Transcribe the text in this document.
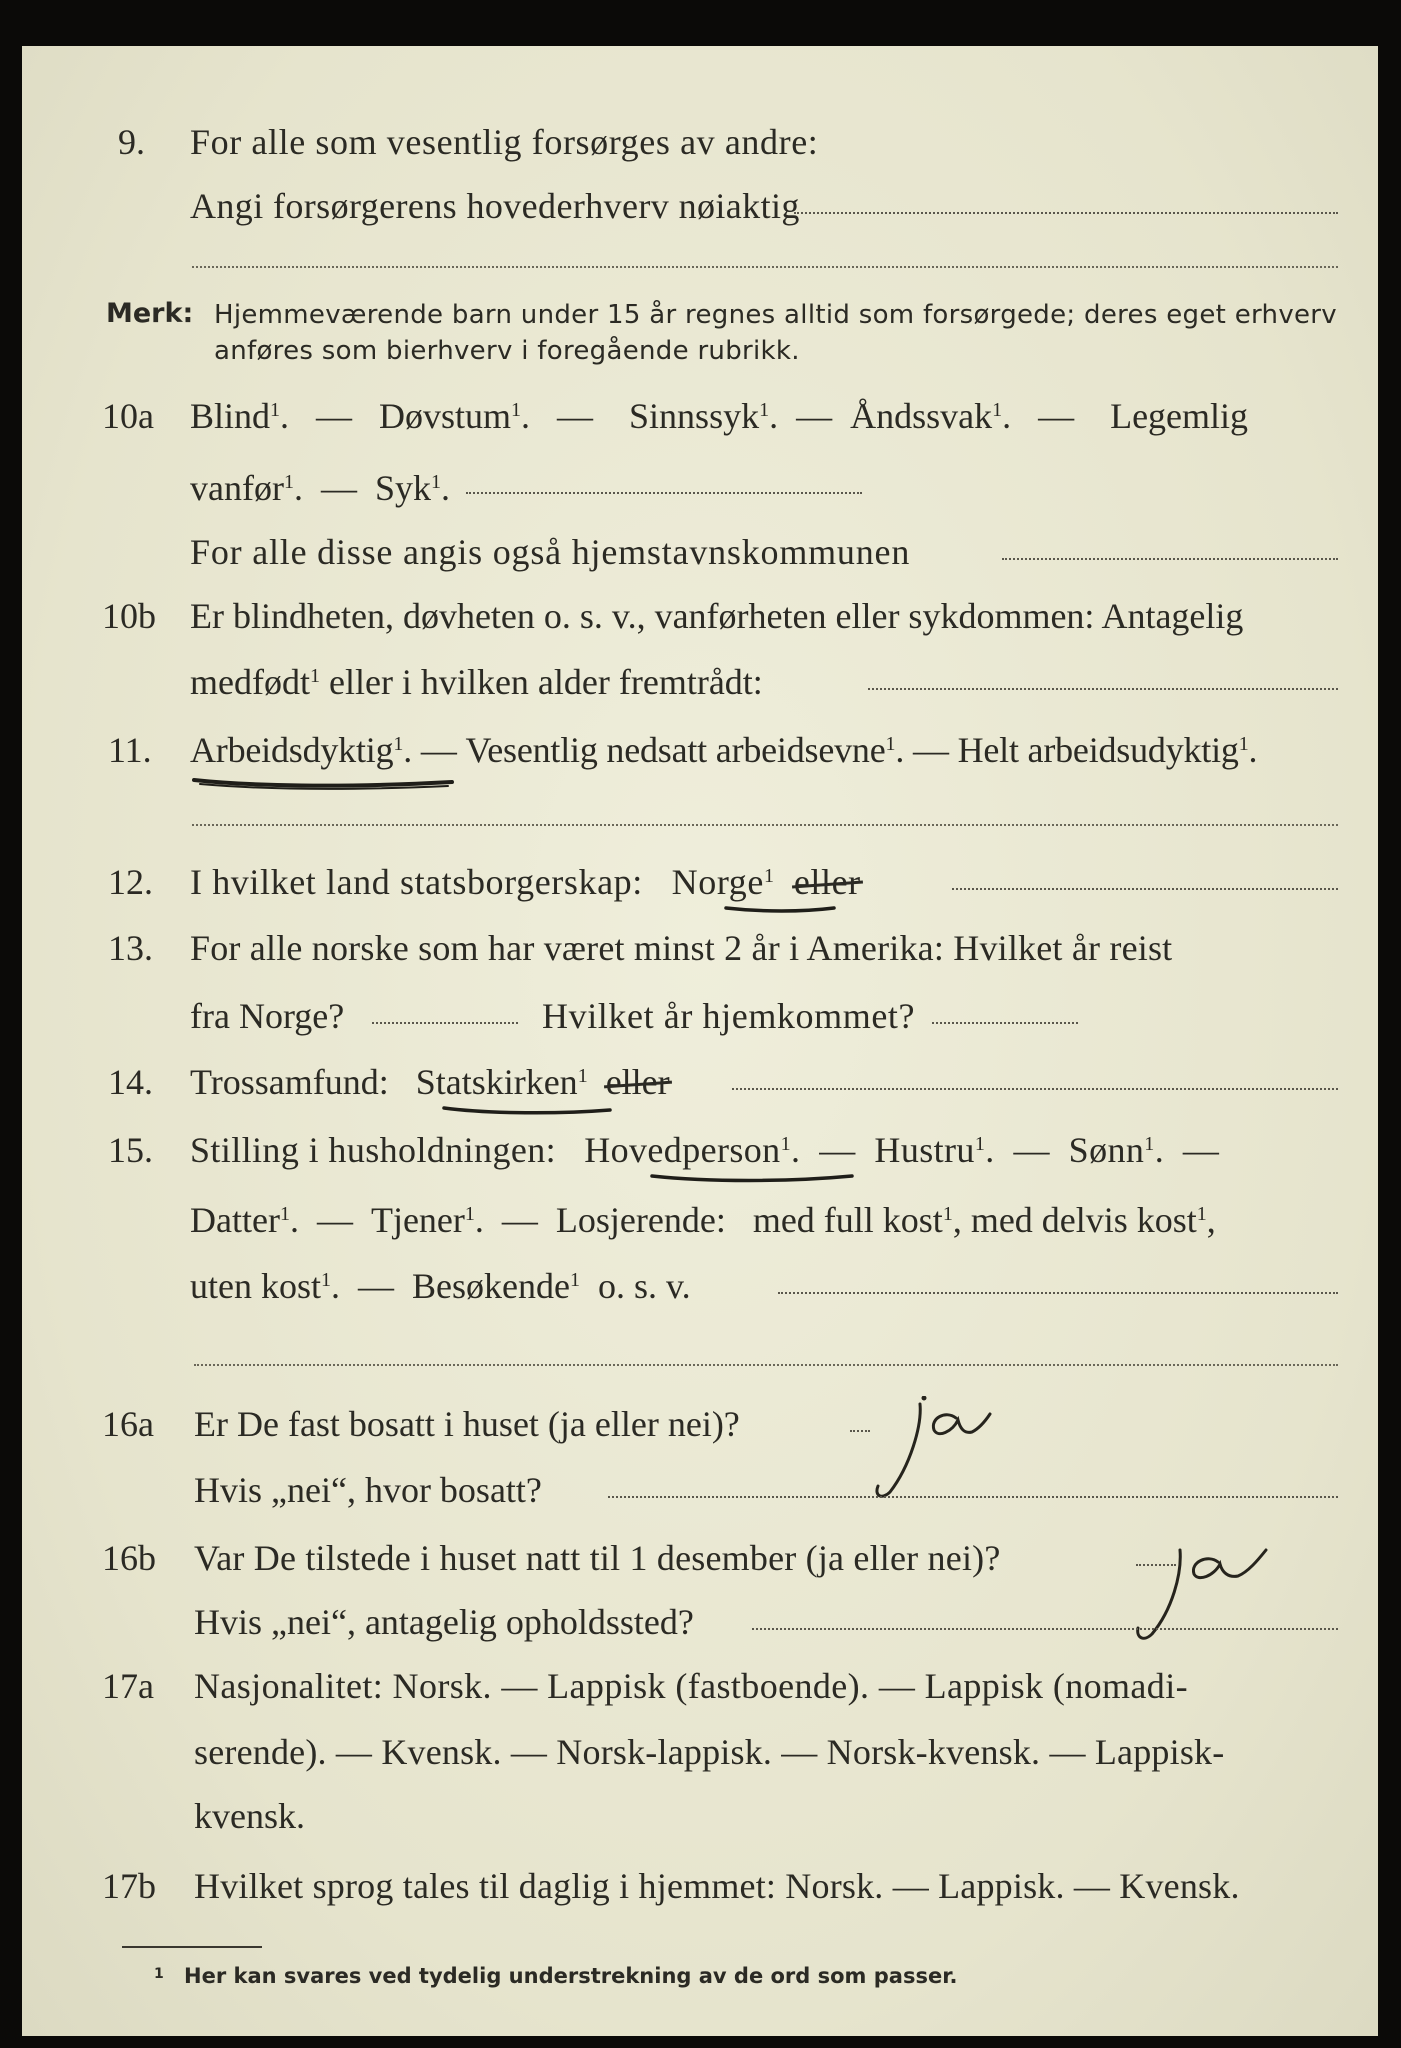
9. For alle som vesentlig forsørges av andre:
Angi forsørgerens hovederhverv nøiaktig
Merk: Hjemmeværende barn under 15 år regnes alltid som forsørgede; deres eget erhverv
anføres som bierhverv i foregående rubrikk.
10a Blind$^1$.   — Døvstum$^1$.   — Sinnssyk$^1$.  — Åndssvak$^1$.   — Legemlig
vanfør$^1$.  — Syk$^1$.
For alle disse angis også hjemstavnskommunen
10b Er blindheten, døvheten o. s. v., vanførheten eller sykdommen: Antagelig
medfødt$^1$ eller i hvilken alder fremtrådt:
11. Arbeidsdyktig$^1$. — Vesentlig nedsatt arbeidsevne$^1$. — Helt arbeidsudyktig$^1$.
12. I hvilket land statsborgerskap: Norge$^1$ eller
13. For alle norske som har været minst 2 år i Amerika: Hvilket år reist
fra Norge?	Hvilket år hjemkommet?
14. Trossamfund: Statskirken$^1$ eller
15. Stilling i husholdningen: Hovedperson$^1$.  — Hustru$^1$.  — Sønn$^1$.  —
Datter$^1$.  — Tjener$^1$.  — Losjerende: med full kost$^1$, med delvis kost$^1$,
uten kost$^1$.  — Besøkende$^1$ o. s. v.
16a Er De fast bosatt i huset (ja eller nei)?
Hvis „nei“, hvor bosatt?
16b Var De tilstede i huset natt til 1 desember (ja eller nei)?
Hvis „nei“, antagelig opholdssted?
17a Nasjonalitet: Norsk. — Lappisk (fastboende). — Lappisk (nomadi-
serende). — Kvensk. — Norsk-lappisk. — Norsk-kvensk. — Lappisk-
kvensk.
17b Hvilket sprog tales til daglig i hjemmet: Norsk. — Lappisk. — Kvensk.
1 Her kan svares ved tydelig understrekning av de ord som passer.
